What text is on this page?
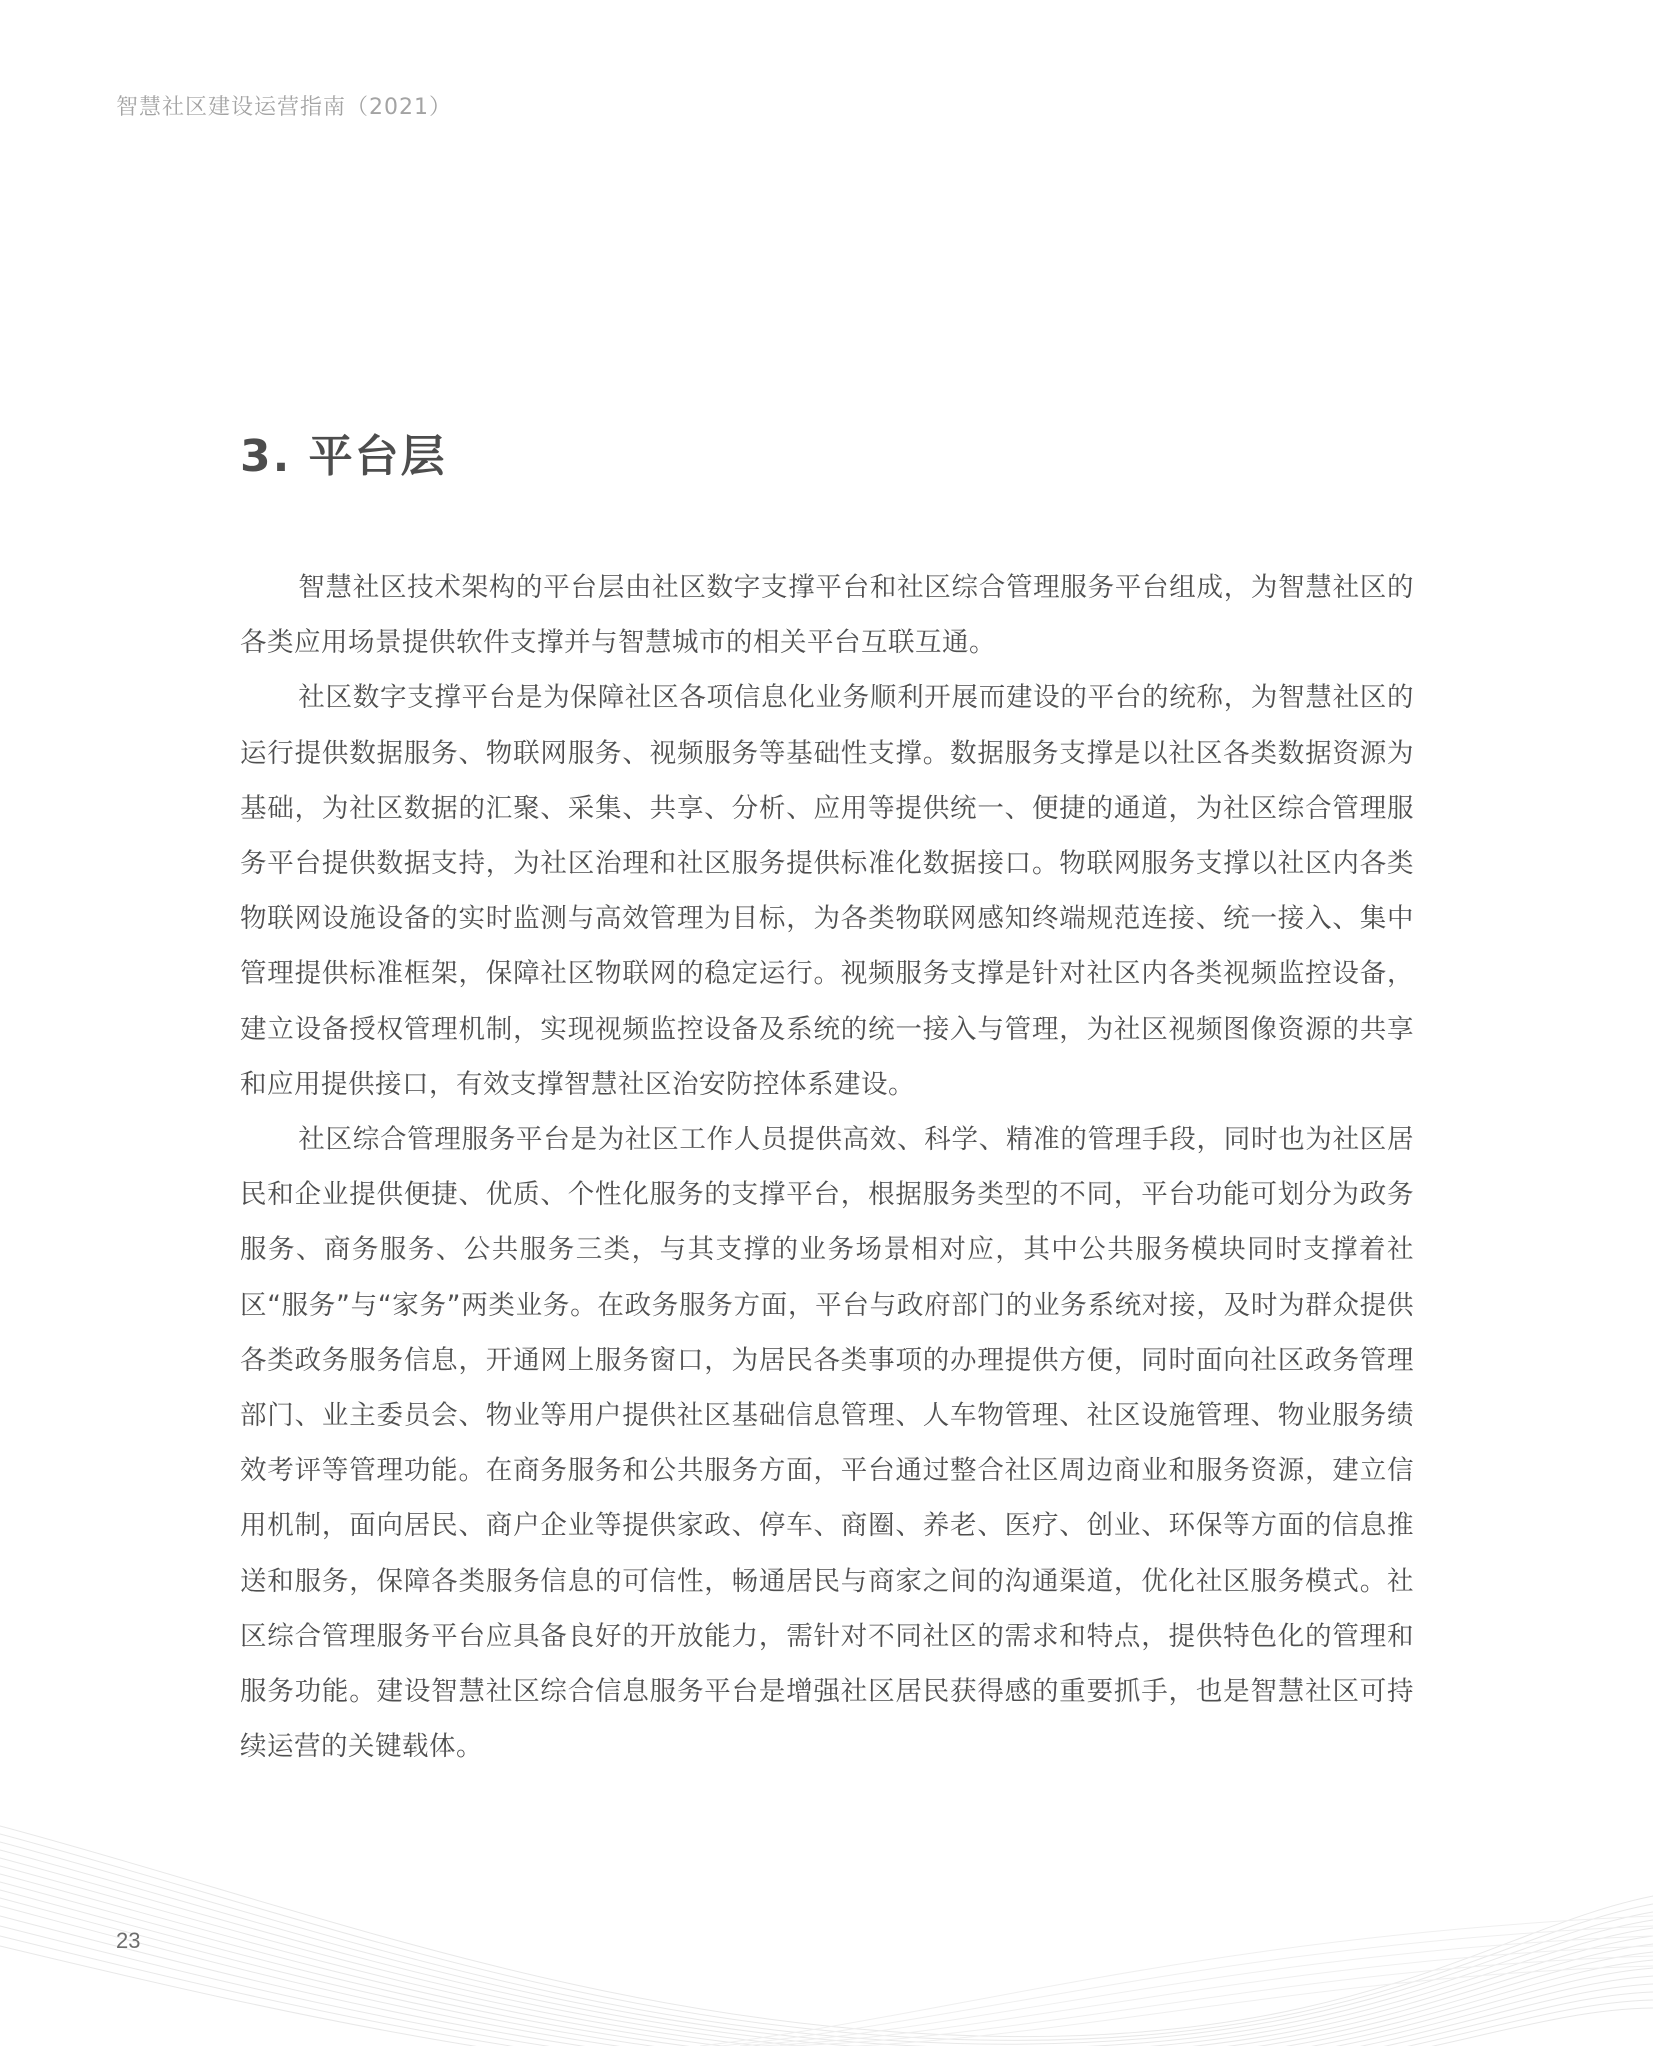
智慧社区建设运营指南（2021）
3. 平台层

智慧社区技术架构的平台层由社区数字支撑平台和社区综合管理服务平台组成，为智慧社区的各类应用场景提供软件支撑并与智慧城市的相关平台互联互通。

社区数字支撑平台是为保障社区各项信息化业务顺利开展而建设的平台的统称，为智慧社区的运行提供数据服务、物联网服务、视频服务等基础性支撑。数据服务支撑是以社区各类数据资源为基础，为社区数据的汇聚、采集、共享、分析、应用等提供统一、便捷的通道，为社区综合管理服务平台提供数据支持，为社区治理和社区服务提供标准化数据接口。物联网服务支撑以社区内各类物联网设施设备的实时监测与高效管理为目标，为各类物联网感知终端规范连接、统一接入、集中管理提供标准框架，保障社区物联网的稳定运行。视频服务支撑是针对社区内各类视频监控设备，建立设备授权管理机制，实现视频监控设备及系统的统一接入与管理，为社区视频图像资源的共享和应用提供接口，有效支撑智慧社区治安防控体系建设。

社区综合管理服务平台是为社区工作人员提供高效、科学、精准的管理手段，同时也为社区居民和企业提供便捷、优质、个性化服务的支撑平台，根据服务类型的不同，平台功能可划分为政务服务、商务服务、公共服务三类，与其支撑的业务场景相对应，其中公共服务模块同时支撑着社区“服务”与“家务”两类业务。在政务服务方面，平台与政府部门的业务系统对接，及时为群众提供各类政务服务信息，开通网上服务窗口，为居民各类事项的办理提供方便，同时面向社区政务管理部门、业主委员会、物业等用户提供社区基础信息管理、人车物管理、社区设施管理、物业服务绩效考评等管理功能。在商务服务和公共服务方面，平台通过整合社区周边商业和服务资源，建立信用机制，面向居民、商户企业等提供家政、停车、商圈、养老、医疗、创业、环保等方面的信息推送和服务，保障各类服务信息的可信性，畅通居民与商家之间的沟通渠道，优化社区服务模式。社区综合管理服务平台应具备良好的开放能力，需针对不同社区的需求和特点，提供特色化的管理和服务功能。建设智慧社区综合信息服务平台是增强社区居民获得感的重要抓手，也是智慧社区可持续运营的关键载体。

23
